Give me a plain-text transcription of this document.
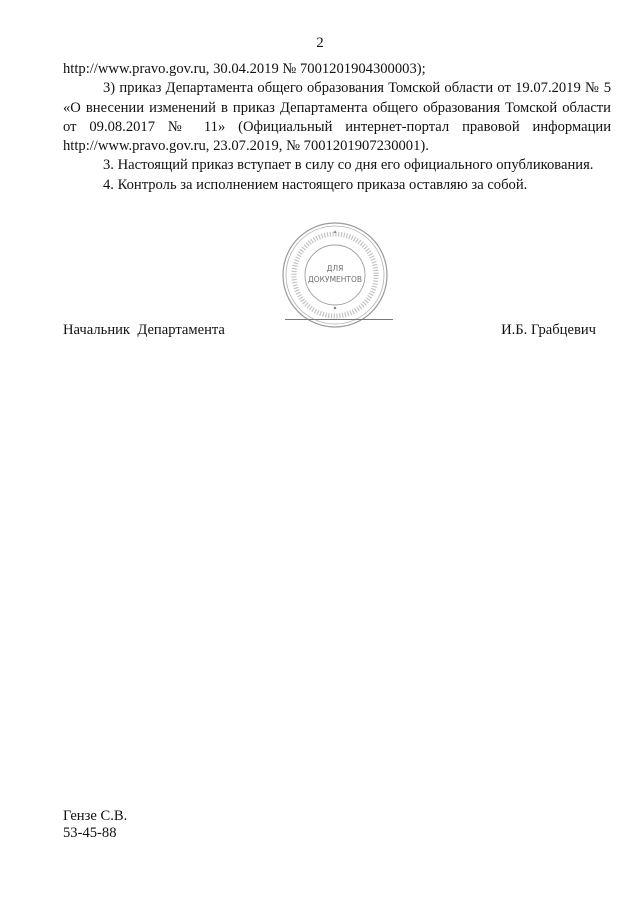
2

http://www.pravo.gov.ru, 30.04.2019 № 7001201904300003);

3) приказ Департамента общего образования Томской области от 19.07.2019 № 5 «О внесении изменений в приказ Департамента общего образования Томской области от 09.08.2017 № 11» (Официальный интернет-портал правовой информации http://www.pravo.gov.ru, 23.07.2019, № 7001201907230001).

3. Настоящий приказ вступает в силу со дня его официального опубликования.

4. Контроль за исполнением настоящего приказа оставляю за собой.

ДЛЯ
ДОКУМЕНТОВ
Начальник  Департамента	И.Б. Грабцевич
Гензе С.В.
53-45-88
